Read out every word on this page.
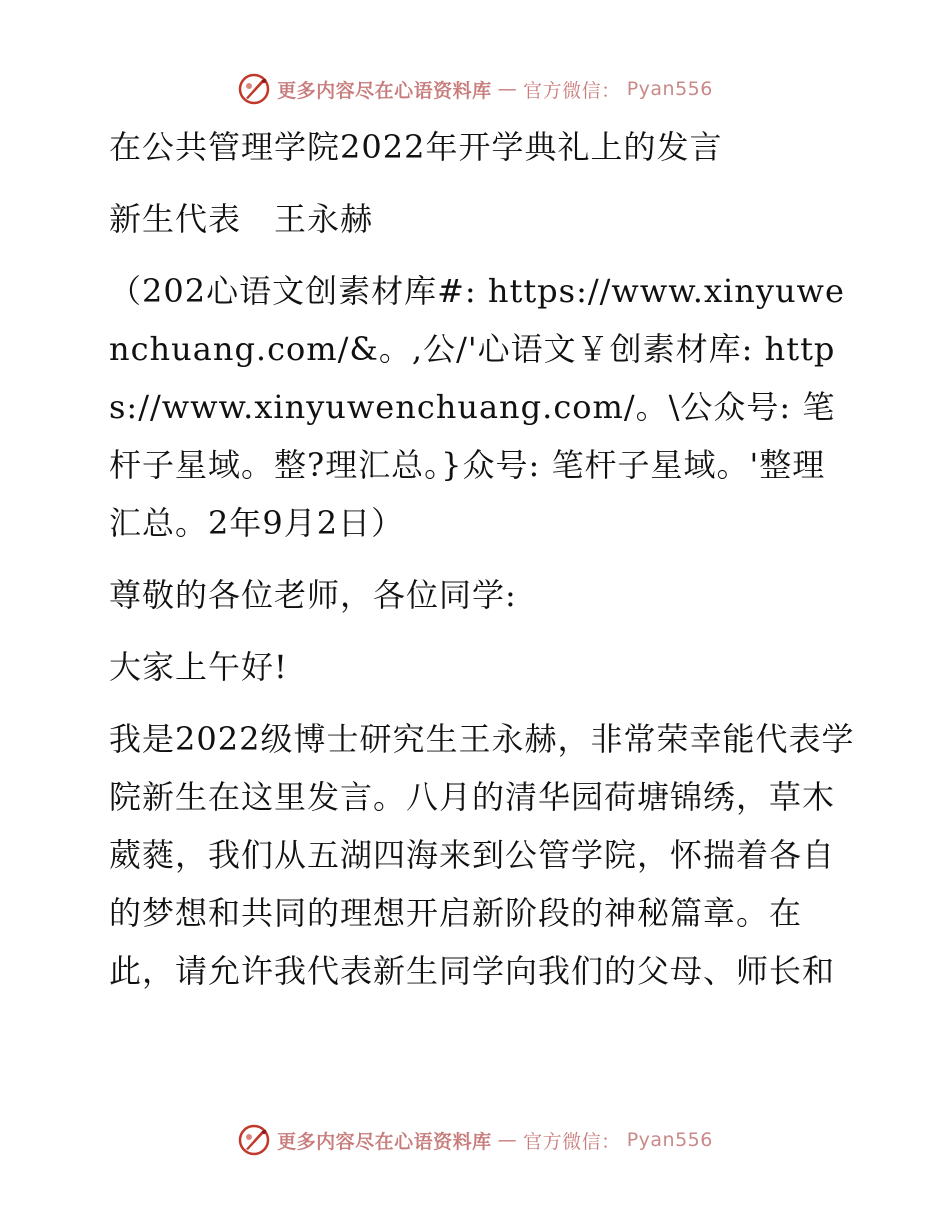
更多内容尽在心语资料库 — 官方微信： Pyan556

在公共管理学院2022年开学典礼上的发言

新生代表　王永赫

（202心语文创素材库#: https://www.xinyuwenchuang.com/&。,公/'心语文￥创素材库: https://www.xinyuwenchuang.com/。\公众号: 笔杆子星域。整?理汇总。}众号: 笔杆子星域。'整理汇总。2年9月2日）

尊敬的各位老师，各位同学:

大家上午好!

我是2022级博士研究生王永赫，非常荣幸能代表学院新生在这里发言。八月的清华园荷塘锦绣，草木葳蕤，我们从五湖四海来到公管学院，怀揣着各自的梦想和共同的理想开启新阶段的神秘篇章。在此，请允许我代表新生同学向我们的父母、师长和

更多内容尽在心语资料库 — 官方微信： Pyan556
